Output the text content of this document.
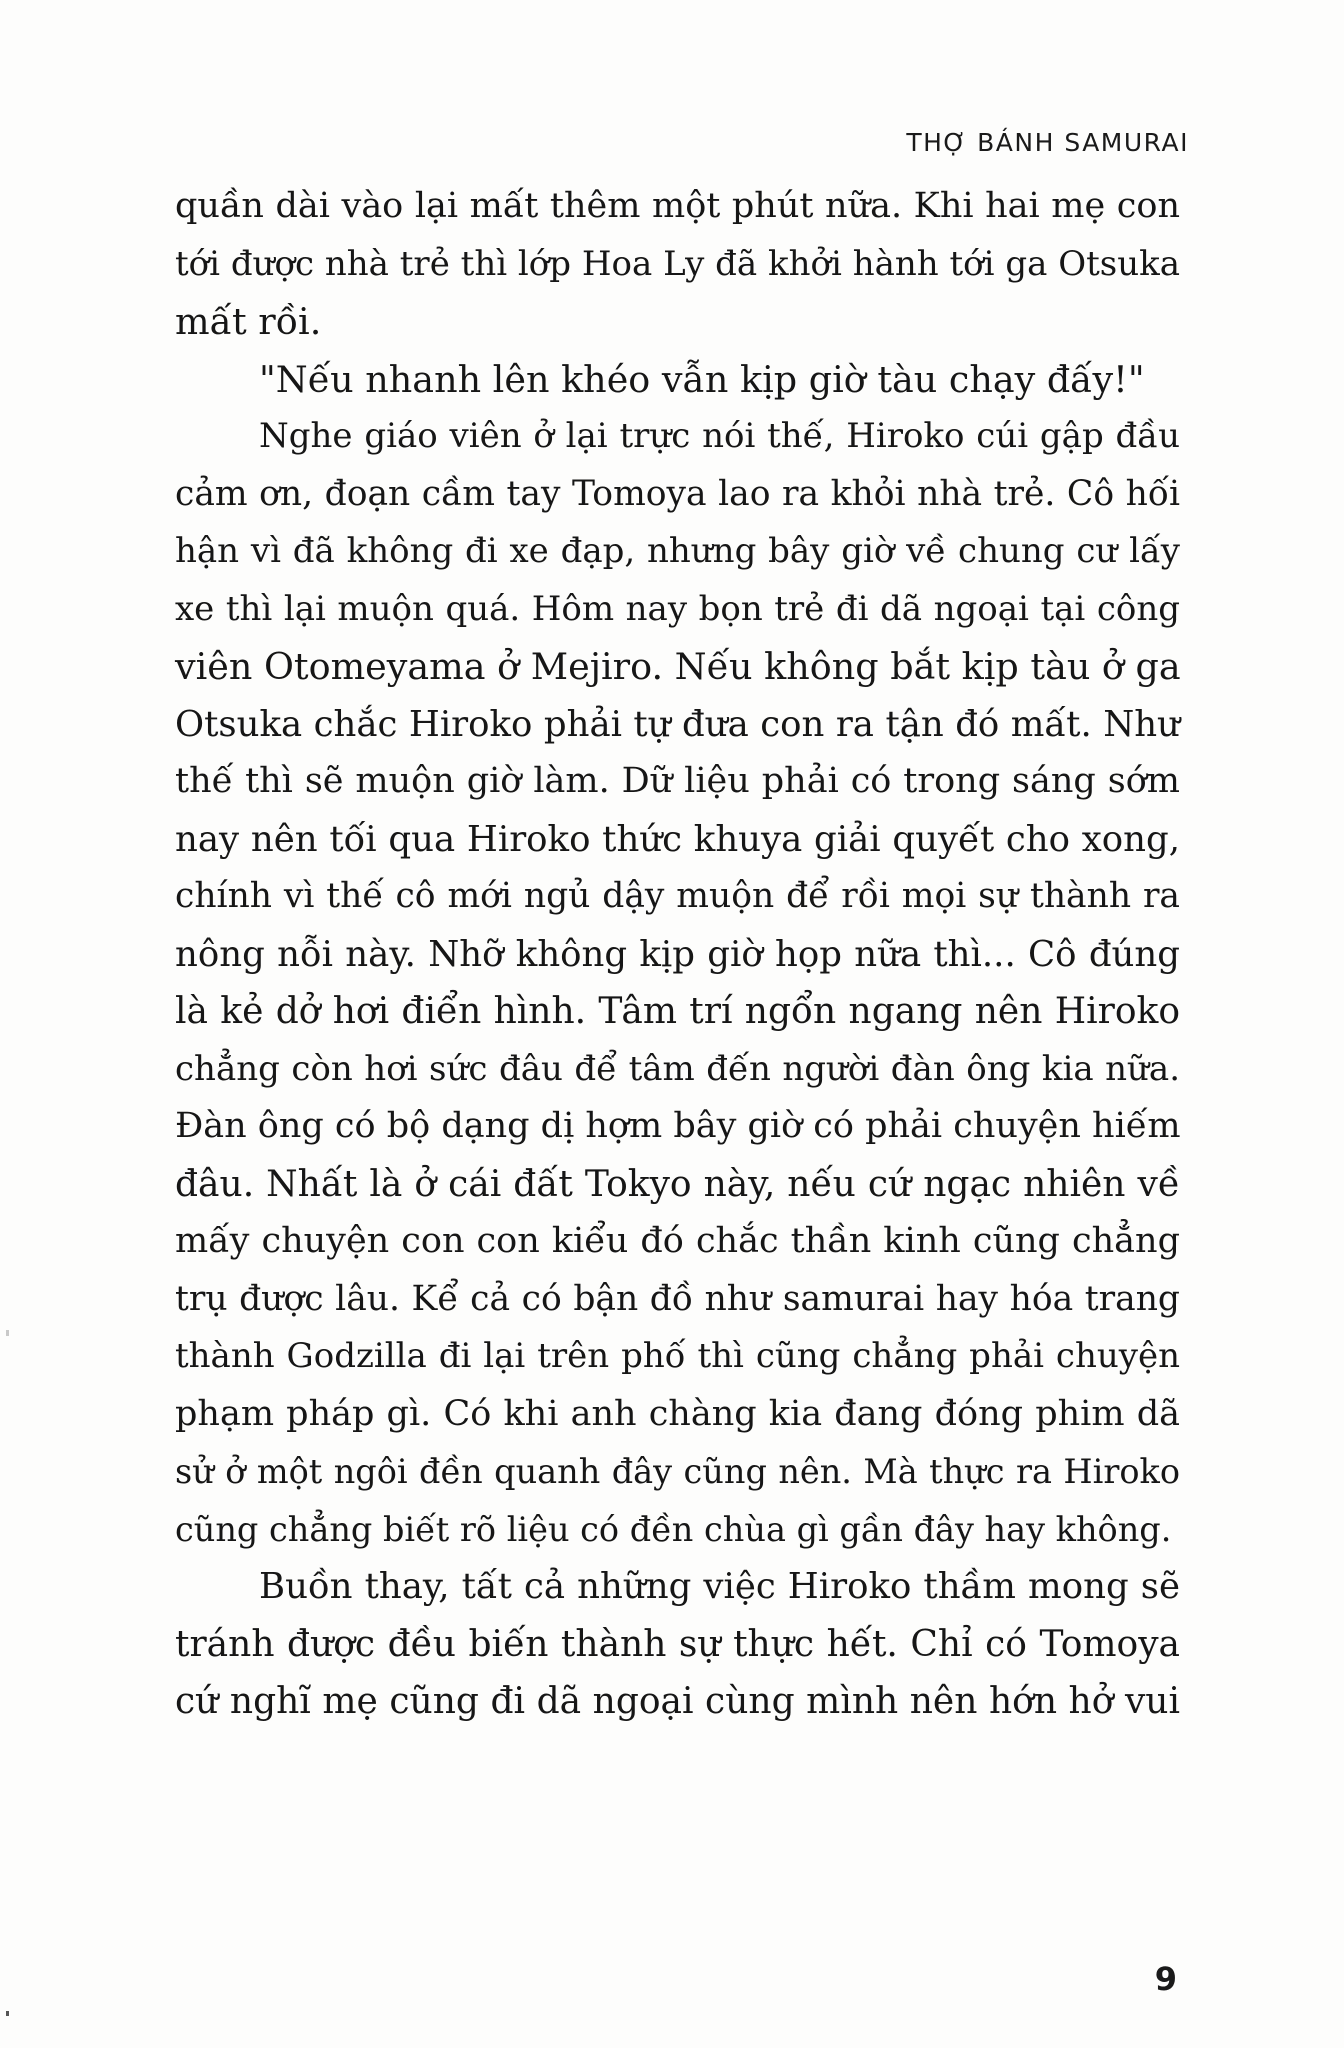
THỢ BÁNH SAMURAI
quần dài vào lại mất thêm một phút nữa. Khi hai mẹ con
tới được nhà trẻ thì lớp Hoa Ly đã khởi hành tới ga Otsuka
mất rồi.
"Nếu nhanh lên khéo vẫn kịp giờ tàu chạy đấy!"
Nghe giáo viên ở lại trực nói thế, Hiroko cúi gập đầu
cảm ơn, đoạn cầm tay Tomoya lao ra khỏi nhà trẻ. Cô hối
hận vì đã không đi xe đạp, nhưng bây giờ về chung cư lấy
xe thì lại muộn quá. Hôm nay bọn trẻ đi dã ngoại tại công
viên Otomeyama ở Mejiro. Nếu không bắt kịp tàu ở ga
Otsuka chắc Hiroko phải tự đưa con ra tận đó mất. Như
thế thì sẽ muộn giờ làm. Dữ liệu phải có trong sáng sớm
nay nên tối qua Hiroko thức khuya giải quyết cho xong,
chính vì thế cô mới ngủ dậy muộn để rồi mọi sự thành ra
nông nỗi này. Nhỡ không kịp giờ họp nữa thì... Cô đúng
là kẻ dở hơi điển hình. Tâm trí ngổn ngang nên Hiroko
chẳng còn hơi sức đâu để tâm đến người đàn ông kia nữa.
Đàn ông có bộ dạng dị hợm bây giờ có phải chuyện hiếm
đâu. Nhất là ở cái đất Tokyo này, nếu cứ ngạc nhiên về
mấy chuyện con con kiểu đó chắc thần kinh cũng chẳng
trụ được lâu. Kể cả có bận đồ như samurai hay hóa trang
thành Godzilla đi lại trên phố thì cũng chẳng phải chuyện
phạm pháp gì. Có khi anh chàng kia đang đóng phim dã
sử ở một ngôi đền quanh đây cũng nên. Mà thực ra Hiroko
cũng chẳng biết rõ liệu có đền chùa gì gần đây hay không.
Buồn thay, tất cả những việc Hiroko thầm mong sẽ
tránh được đều biến thành sự thực hết. Chỉ có Tomoya
cứ nghĩ mẹ cũng đi dã ngoại cùng mình nên hớn hở vui
9
